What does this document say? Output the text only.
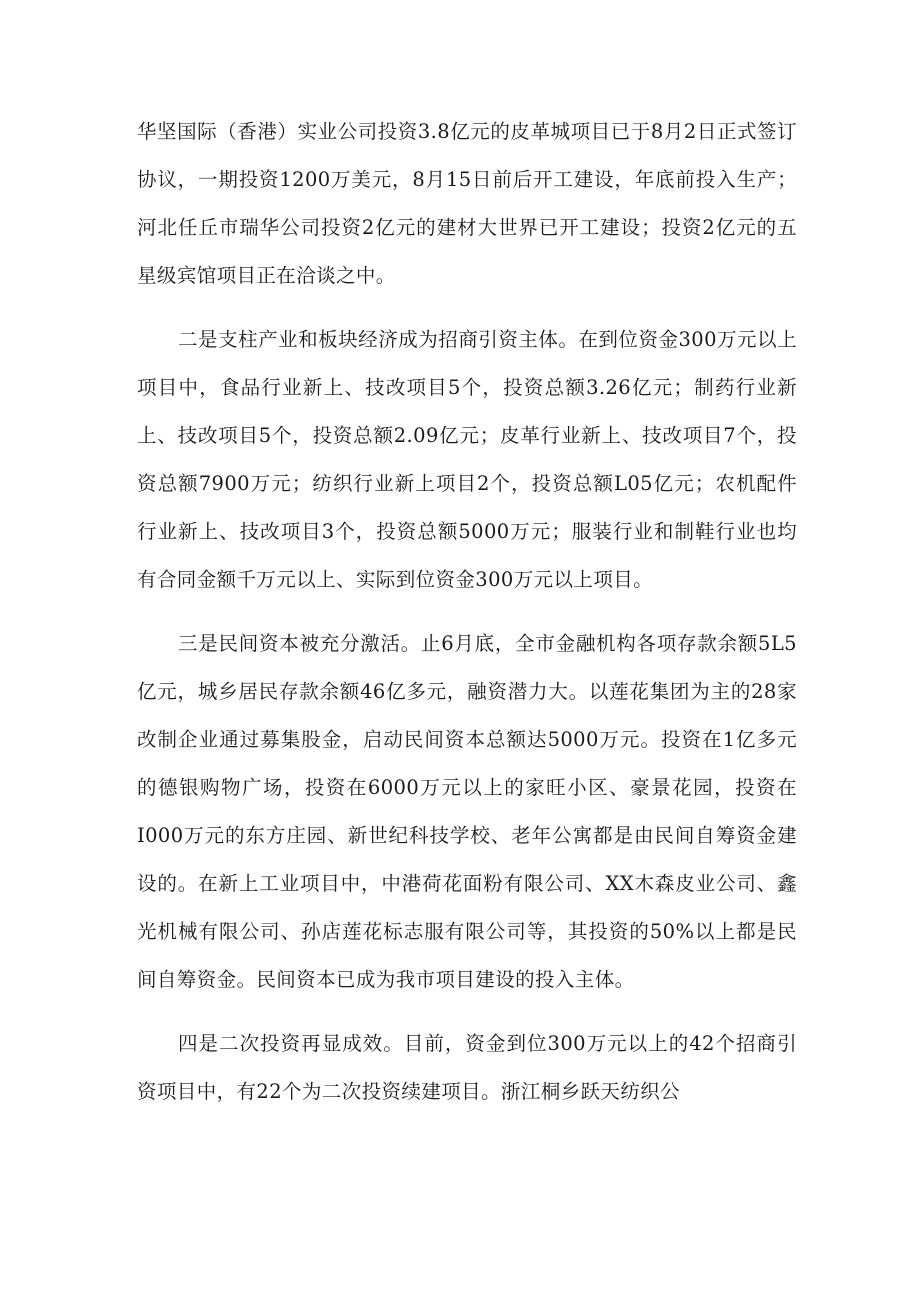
华坚国际（香港）实业公司投资3.8亿元的皮革城项目已于8月2日正式签订协议，一期投资1200万美元，8月15日前后开工建设，年底前投入生产；河北任丘市瑞华公司投资2亿元的建材大世界已开工建设；投资2亿元的五星级宾馆项目正在洽谈之中。

二是支柱产业和板块经济成为招商引资主体。在到位资金300万元以上项目中，食品行业新上、技改项目5个，投资总额3.26亿元；制药行业新上、技改项目5个，投资总额2.09亿元；皮革行业新上、技改项目7个，投资总额7900万元；纺织行业新上项目2个，投资总额L05亿元；农机配件行业新上、技改项目3个，投资总额5000万元；服装行业和制鞋行业也均有合同金额千万元以上、实际到位资金300万元以上项目。

三是民间资本被充分激活。止6月底，全市金融机构各项存款余额5L5亿元，城乡居民存款余额46亿多元，融资潜力大。以莲花集团为主的28家改制企业通过募集股金，启动民间资本总额达5000万元。投资在1亿多元的德银购物广场，投资在6000万元以上的家旺小区、豪景花园，投资在I000万元的东方庄园、新世纪科技学校、老年公寓都是由民间自筹资金建设的。在新上工业项目中，中港荷花面粉有限公司、XX木森皮业公司、鑫光机械有限公司、孙店莲花标志服有限公司等，其投资的50%以上都是民间自筹资金。民间资本已成为我市项目建设的投入主体。

四是二次投资再显成效。目前，资金到位300万元以上的42个招商引资项目中，有22个为二次投资续建项目。浙江桐乡跃天纺织公
